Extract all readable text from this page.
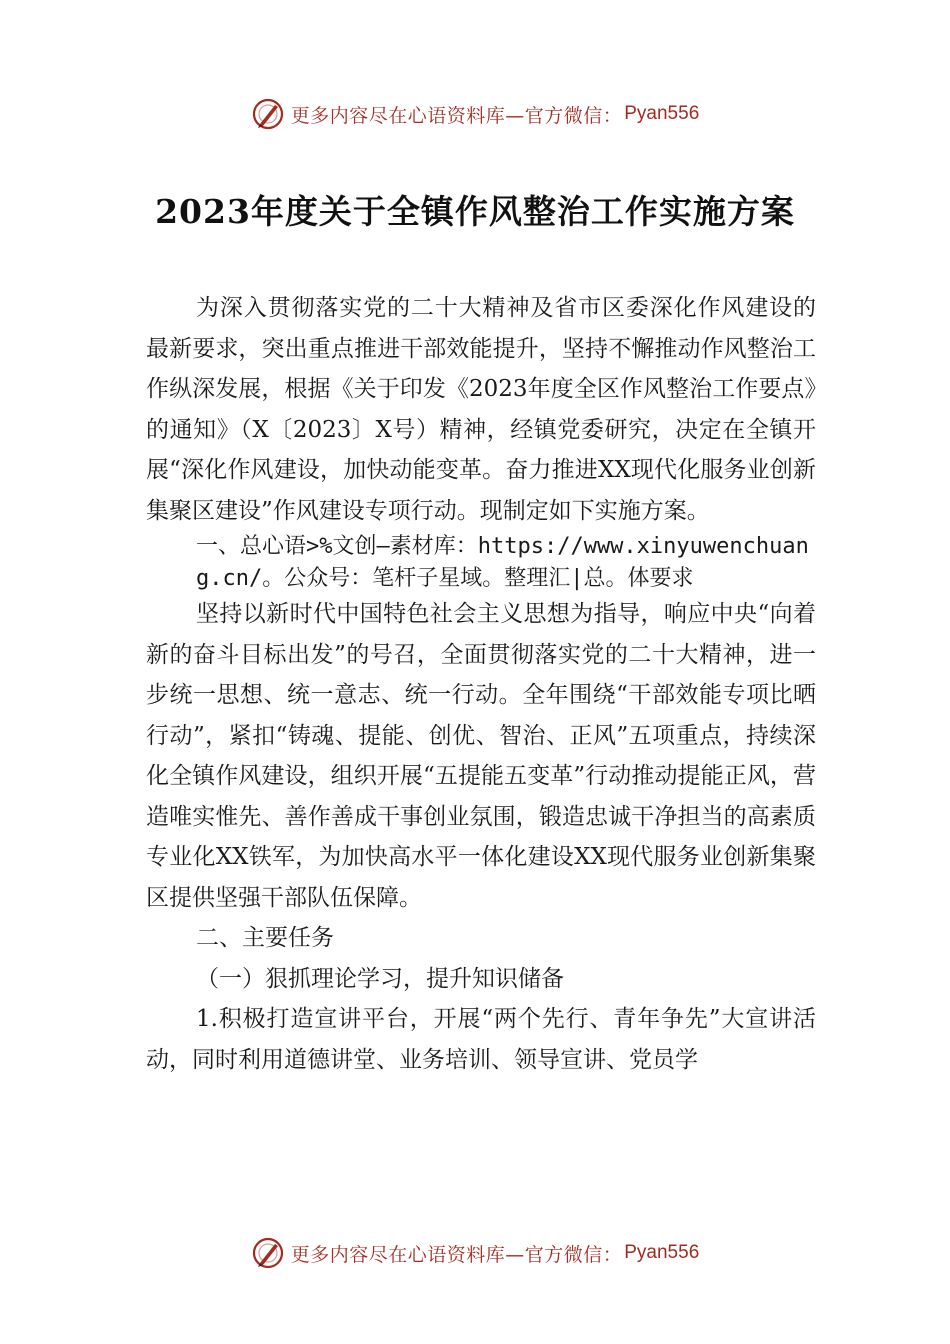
更多内容尽在心语资料库—官方微信： Pyan556
2023年度关于全镇作风整治工作实施方案

为深入贯彻落实党的二十大精神及省市区委深化作风建设的最新要求，突出重点推进干部效能提升，坚持不懈推动作风整治工作纵深发展，根据《关于印发《2023年度全区作风整治工作要点》的通知》（X〔2023〕X号）精神，经镇党委研究，决定在全镇开展“深化作风建设，加快动能变革。奋力推进XX现代化服务业创新集聚区建设”作风建设专项行动。现制定如下实施方案。

一、总心语>%文创—素材库：https://www.xinyuwenchuang.cn/。公众号：笔杆子星域。整理汇|总。体要求

坚持以新时代中国特色社会主义思想为指导，响应中央“向着新的奋斗目标出发”的号召，全面贯彻落实党的二十大精神，进一步统一思想、统一意志、统一行动。全年围绕“干部效能专项比晒行动”，紧扣“铸魂、提能、创优、智治、正风”五项重点，持续深化全镇作风建设，组织开展“五提能五变革”行动推动提能正风，营造唯实惟先、善作善成干事创业氛围，锻造忠诚干净担当的高素质专业化XX铁军，为加快高水平一体化建设XX现代服务业创新集聚区提供坚强干部队伍保障。

二、主要任务

（一）狠抓理论学习，提升知识储备

1.积极打造宣讲平台，开展“两个先行、青年争先”大宣讲活动，同时利用道德讲堂、业务培训、领导宣讲、党员学

更多内容尽在心语资料库—官方微信： Pyan556
